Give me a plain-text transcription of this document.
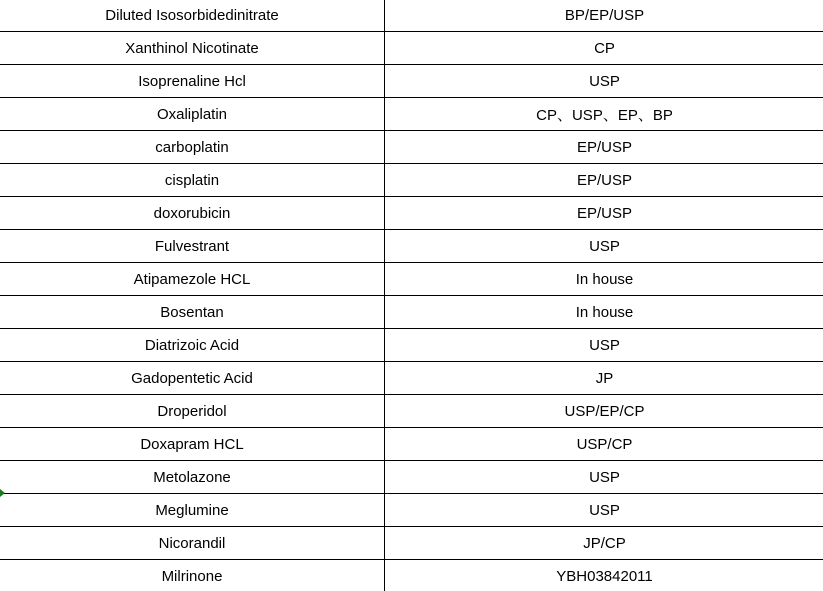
Diluted Isosorbidedinitrate	BP/EP/USP
Xanthinol Nicotinate	CP
Isoprenaline Hcl	USP
Oxaliplatin	CP、USP、EP、BP
carboplatin	EP/USP
cisplatin	EP/USP
doxorubicin	EP/USP
Fulvestrant	USP
Atipamezole HCL	In house
Bosentan	In house
Diatrizoic Acid	USP
Gadopentetic Acid	JP
Droperidol	USP/EP/CP
Doxapram HCL	USP/CP
Metolazone	USP
Meglumine	USP
Nicorandil	JP/CP
Milrinone	YBH03842011
